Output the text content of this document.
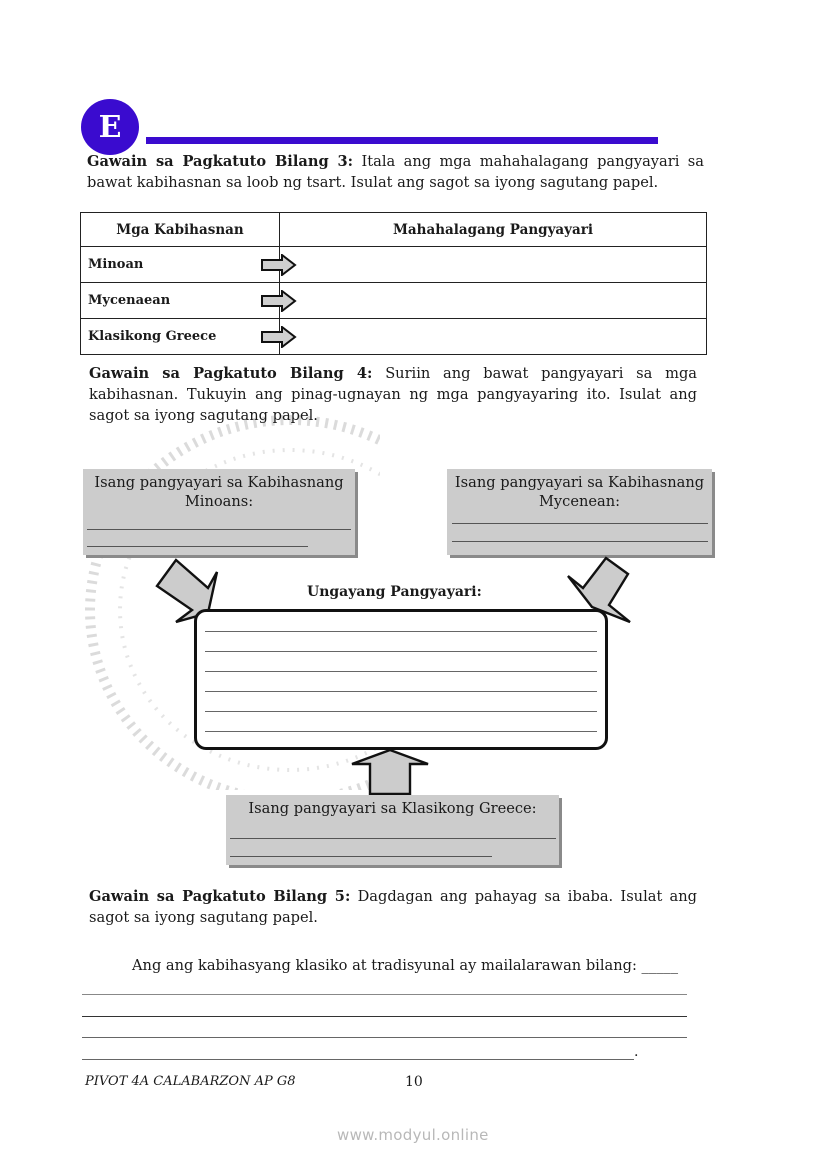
E
Gawain sa Pagkatuto Bilang 3: Itala ang mga mahahalagang pangyayari sa bawat kabihasnan sa loob ng tsart. Isulat ang sagot sa iyong sagutang papel.
Mga Kabihasnan	Mahahalagang Pangyayari
Minoan

Mycenaean

Klasikong Greece

Gawain sa Pagkatuto Bilang 4: Suriin ang bawat pangyayari sa mga kabihasnan. Tukuyin ang pinag-ugnayan ng mga pangyayaring ito. Isulat ang sagot sa iyong sagutang papel.
Isang pangyayari sa Kabihasnang Minoans:
Isang pangyayari sa Kabihasnang Mycenean:
Ungayang Pangyayari:
Isang pangyayari sa Klasikong Greece:
Gawain sa Pagkatuto Bilang 5: Dagdagan ang pahayag sa ibaba. Isulat ang sagot sa iyong sagutang papel.
Ang ang kabihasyang klasiko at tradisyunal ay mailalarawan bilang: _____
.
PIVOT 4A CALABARZON AP G8	10
www.modyul.online
